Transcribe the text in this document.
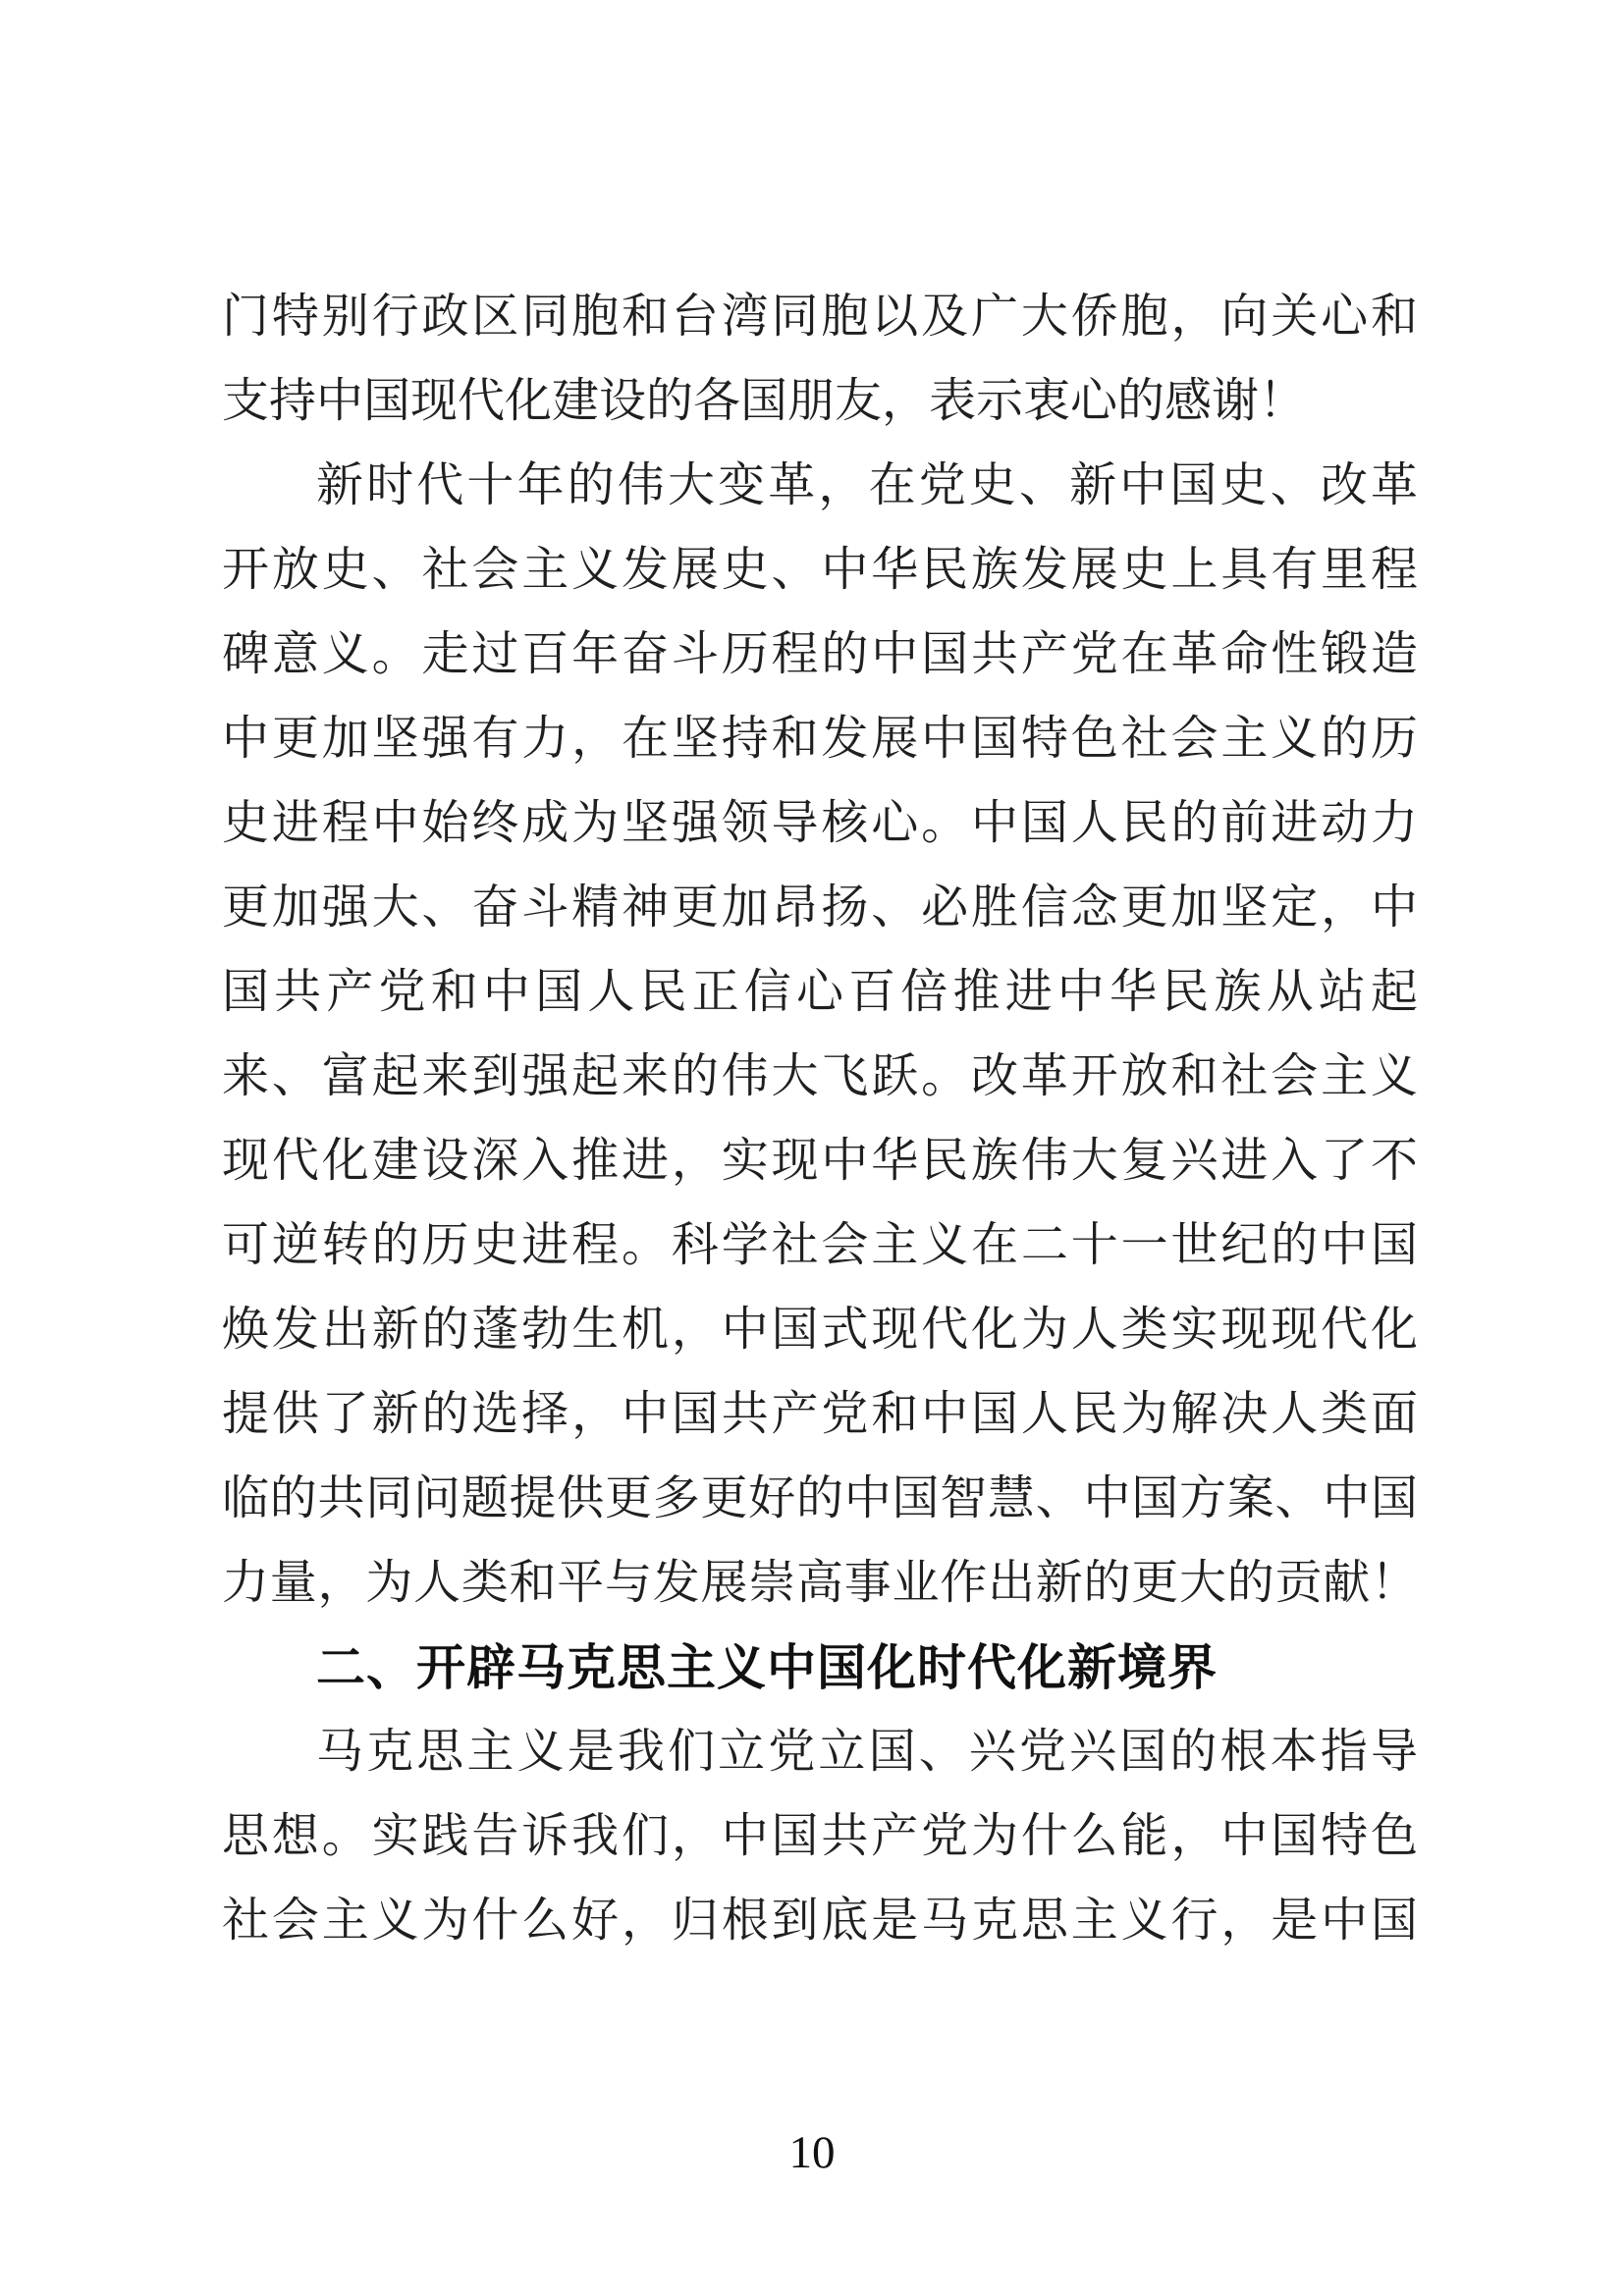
门特别行政区同胞和台湾同胞以及广大侨胞，向关心和
支持中国现代化建设的各国朋友，表示衷心的感谢！
新时代十年的伟大变革，在党史、新中国史、改革
开放史、社会主义发展史、中华民族发展史上具有里程
碑意义。走过百年奋斗历程的中国共产党在革命性锻造
中更加坚强有力，在坚持和发展中国特色社会主义的历
史进程中始终成为坚强领导核心。中国人民的前进动力
更加强大、奋斗精神更加昂扬、必胜信念更加坚定，中
国共产党和中国人民正信心百倍推进中华民族从站起
来、富起来到强起来的伟大飞跃。改革开放和社会主义
现代化建设深入推进，实现中华民族伟大复兴进入了不
可逆转的历史进程。科学社会主义在二十一世纪的中国
焕发出新的蓬勃生机，中国式现代化为人类实现现代化
提供了新的选择，中国共产党和中国人民为解决人类面
临的共同问题提供更多更好的中国智慧、中国方案、中国
力量，为人类和平与发展崇高事业作出新的更大的贡献！
二、开辟马克思主义中国化时代化新境界
马克思主义是我们立党立国、兴党兴国的根本指导
思想。实践告诉我们，中国共产党为什么能，中国特色
社会主义为什么好，归根到底是马克思主义行，是中国
10
